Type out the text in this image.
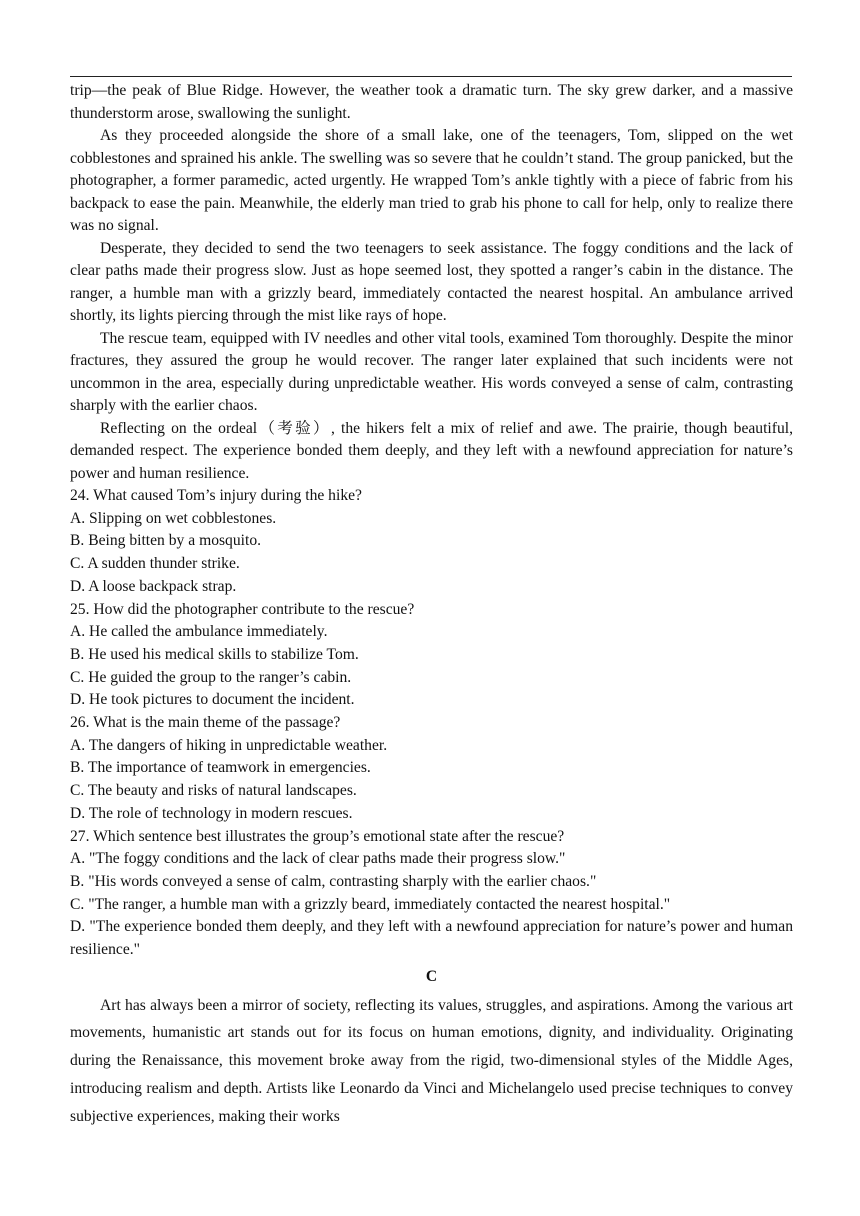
trip—the peak of Blue Ridge. However, the weather took a dramatic turn. The sky grew darker, and a massive thunderstorm arose, swallowing the sunlight.

As they proceeded alongside the shore of a small lake, one of the teenagers, Tom, slipped on the wet cobblestones and sprained his ankle. The swelling was so severe that he couldn’t stand. The group panicked, but the photographer, a former paramedic, acted urgently. He wrapped Tom’s ankle tightly with a piece of fabric from his backpack to ease the pain. Meanwhile, the elderly man tried to grab his phone to call for help, only to realize there was no signal.

Desperate, they decided to send the two teenagers to seek assistance. The foggy conditions and the lack of clear paths made their progress slow. Just as hope seemed lost, they spotted a ranger’s cabin in the distance. The ranger, a humble man with a grizzly beard, immediately contacted the nearest hospital. An ambulance arrived shortly, its lights piercing through the mist like rays of hope.

The rescue team, equipped with IV needles and other vital tools, examined Tom thoroughly. Despite the minor fractures, they assured the group he would recover. The ranger later explained that such incidents were not uncommon in the area, especially during unpredictable weather. His words conveyed a sense of calm, contrasting sharply with the earlier chaos.

Reflecting on the ordeal（考验）, the hikers felt a mix of relief and awe. The prairie, though beautiful, demanded respect. The experience bonded them deeply, and they left with a newfound appreciation for nature’s power and human resilience.

24. What caused Tom’s injury during the hike?

A. Slipping on wet cobblestones.

B. Being bitten by a mosquito.

C. A sudden thunder strike.

D. A loose backpack strap.

25. How did the photographer contribute to the rescue?

A. He called the ambulance immediately.

B. He used his medical skills to stabilize Tom.

C. He guided the group to the ranger’s cabin.

D. He took pictures to document the incident.

26. What is the main theme of the passage?

A. The dangers of hiking in unpredictable weather.

B. The importance of teamwork in emergencies.

C. The beauty and risks of natural landscapes.

D. The role of technology in modern rescues.

27. Which sentence best illustrates the group’s emotional state after the rescue?

A. "The foggy conditions and the lack of clear paths made their progress slow."

B. "His words conveyed a sense of calm, contrasting sharply with the earlier chaos."

C. "The ranger, a humble man with a grizzly beard, immediately contacted the nearest hospital."

D. "The experience bonded them deeply, and they left with a newfound appreciation for nature’s power and human resilience."

C

Art has always been a mirror of society, reflecting its values, struggles, and aspirations. Among the various art movements, humanistic art stands out for its focus on human emotions, dignity, and individuality. Originating during the Renaissance, this movement broke away from the rigid, two-dimensional styles of the Middle Ages, introducing realism and depth. Artists like Leonardo da Vinci and Michelangelo used precise techniques to convey subjective experiences, making their works
